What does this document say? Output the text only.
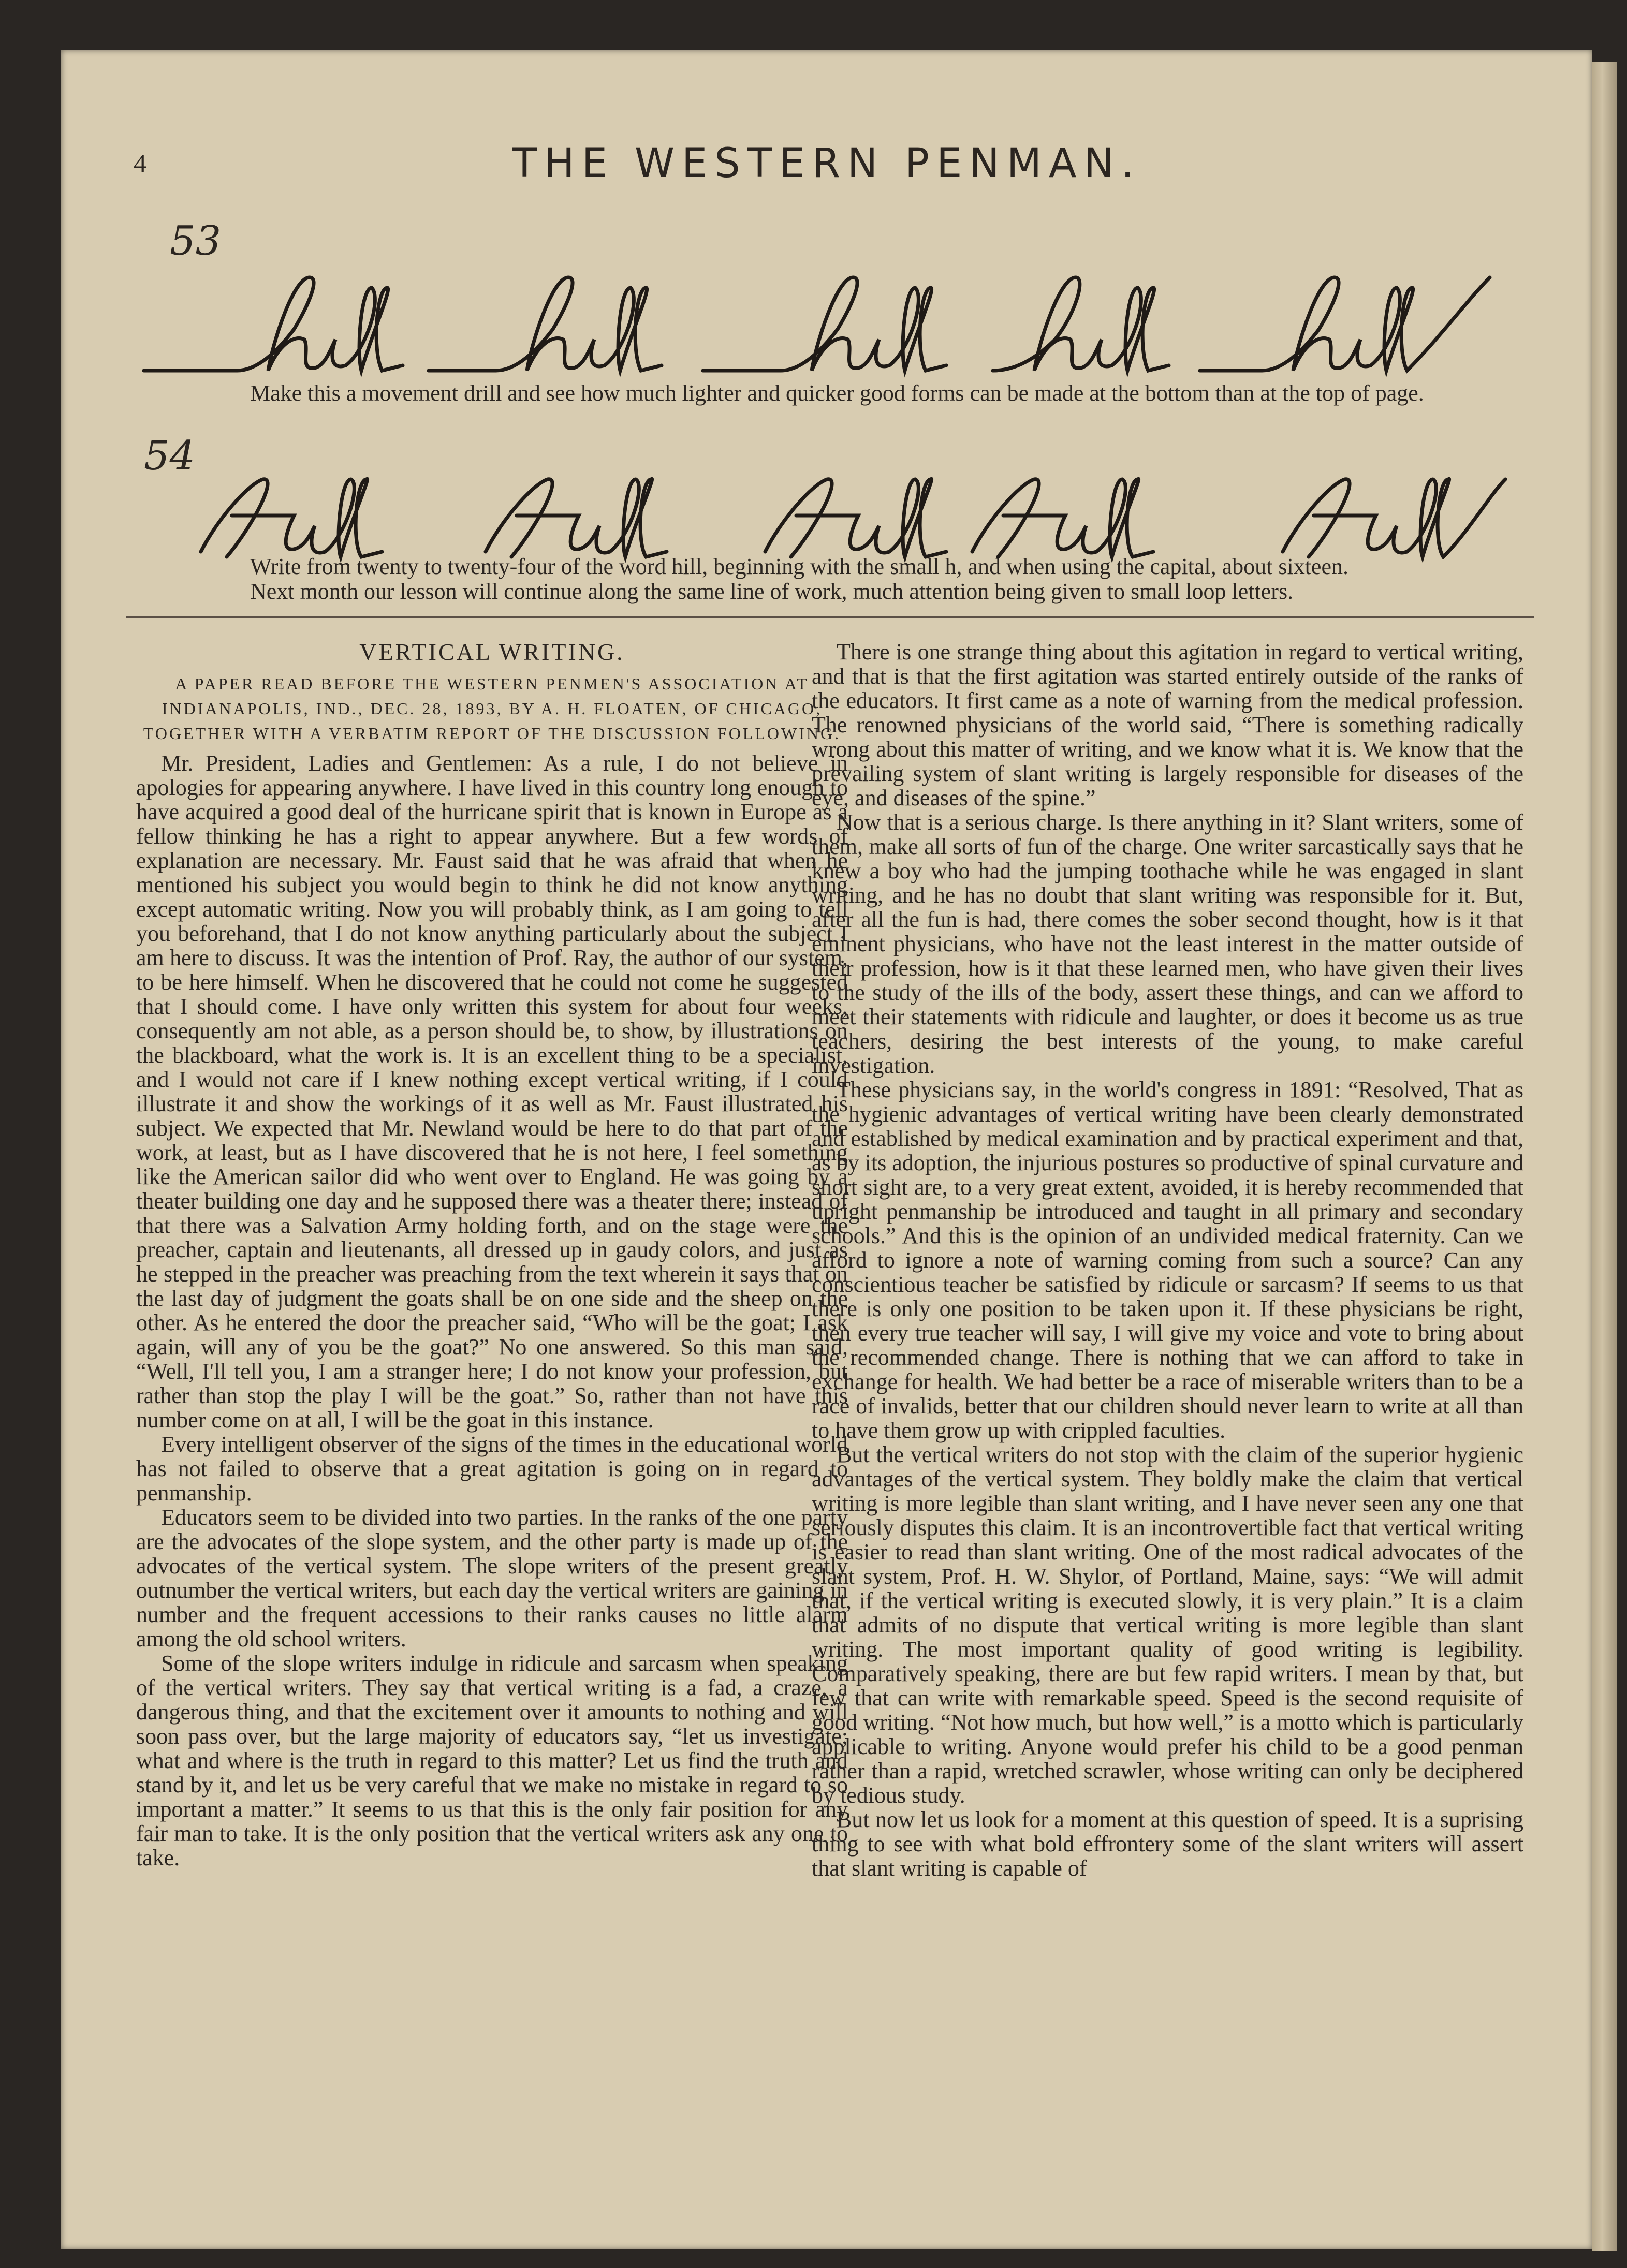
4	THE WESTERN PENMAN.
53
Make this a movement drill and see how much lighter and quicker good forms can be made at the bottom than at the top of page.
54
Write from twenty to twenty-four of the word hill, beginning with the small h, and when using the capital, about sixteen.
Next month our lesson will continue along the same line of work, much attention being given to small loop letters.
VERTICAL WRITING.
A PAPER READ BEFORE THE WESTERN PENMEN'S ASSOCIATION AT INDIANAPOLIS, IND., DEC. 28, 1893, BY A. H. FLOATEN, OF CHICAGO, TOGETHER WITH A VERBATIM REPORT OF THE DISCUSSION FOLLOWING.

Mr. President, Ladies and Gentlemen: As a rule, I do not believe in apologies for appearing anywhere. I have lived in this country long enough to have acquired a good deal of the hurricane spirit that is known in Europe as a fellow thinking he has a right to appear anywhere. But a few words of explanation are necessary. Mr. Faust said that he was afraid that when he mentioned his subject you would begin to think he did not know anything except automatic writing. Now you will probably think, as I am going to tell you beforehand, that I do not know anything particularly about the subject I am here to discuss. It was the intention of Prof. Ray, the author of our system, to be here himself. When he discovered that he could not come he suggested that I should come. I have only written this system for about four weeks, consequently am not able, as a person should be, to show, by illustrations on the blackboard, what the work is. It is an excellent thing to be a specialist, and I would not care if I knew nothing except vertical writing, if I could illustrate it and show the workings of it as well as Mr. Faust illustrated his subject. We expected that Mr. Newland would be here to do that part of the work, at least, but as I have discovered that he is not here, I feel something like the American sailor did who went over to England. He was going by a theater building one day and he supposed there was a theater there; instead of that there was a Salvation Army holding forth, and on the stage were the preacher, captain and lieutenants, all dressed up in gaudy colors, and just as he stepped in the preacher was preaching from the text wherein it says that on the last day of judgment the goats shall be on one side and the sheep on the other. As he entered the door the preacher said, “Who will be the goat; I ask again, will any of you be the goat?” No one answered. So this man said, “Well, I'll tell you, I am a stranger here; I do not know your profession, but rather than stop the play I will be the goat.” So, rather than not have this number come on at all, I will be the goat in this instance.

Every intelligent observer of the signs of the times in the educational world has not failed to observe that a great agitation is going on in regard to penmanship.

Educators seem to be divided into two parties. In the ranks of the one party are the advocates of the slope system, and the other party is made up of the advocates of the vertical system. The slope writers of the present greatly outnumber the vertical writers, but each day the vertical writers are gaining in number and the frequent accessions to their ranks causes no little alarm among the old school writers.

Some of the slope writers indulge in ridicule and sarcasm when speaking of the vertical writers. They say that vertical writing is a fad, a craze, a dangerous thing, and that the excitement over it amounts to nothing and will soon pass over, but the large majority of educators say, “let us investigate; what and where is the truth in regard to this matter? Let us find the truth and stand by it, and let us be very careful that we make no mistake in regard to so important a matter.” It seems to us that this is the only fair position for any fair man to take. It is the only position that the vertical writers ask any one to take.

There is one strange thing about this agitation in regard to vertical writing, and that is that the first agitation was started entirely outside of the ranks of the educators. It first came as a note of warning from the medical profession. The renowned physicians of the world said, “There is something radically wrong about this matter of writing, and we know what it is. We know that the prevailing system of slant writing is largely responsible for diseases of the eye, and diseases of the spine.”

Now that is a serious charge. Is there anything in it? Slant writers, some of them, make all sorts of fun of the charge. One writer sarcastically says that he knew a boy who had the jumping toothache while he was engaged in slant writing, and he has no doubt that slant writing was responsible for it. But, after all the fun is had, there comes the sober second thought, how is it that eminent physicians, who have not the least interest in the matter outside of their profession, how is it that these learned men, who have given their lives to the study of the ills of the body, assert these things, and can we afford to meet their statements with ridicule and laughter, or does it become us as true teachers, desiring the best interests of the young, to make careful investigation.

These physicians say, in the world's congress in 1891: “Resolved, That as the hygienic advantages of vertical writing have been clearly demonstrated and established by medical examination and by practical experiment and that, as by its adoption, the injurious postures so productive of spinal curvature and short sight are, to a very great extent, avoided, it is hereby recommended that upright penmanship be introduced and taught in all primary and secondary schools.” And this is the opinion of an undivided medical fraternity. Can we afford to ignore a note of warning coming from such a source? Can any conscientious teacher be satisfied by ridicule or sarcasm? If seems to us that there is only one position to be taken upon it. If these physicians be right, then every true teacher will say, I will give my voice and vote to bring about the recommended change. There is nothing that we can afford to take in exchange for health. We had better be a race of miserable writers than to be a race of invalids, better that our children should never learn to write at all than to have them grow up with crippled faculties.

But the vertical writers do not stop with the claim of the superior hygienic advantages of the vertical system. They boldly make the claim that vertical writing is more legible than slant writing, and I have never seen any one that seriously disputes this claim. It is an incontrovertible fact that vertical writing is easier to read than slant writing. One of the most radical advocates of the slant system, Prof. H. W. Shylor, of Portland, Maine, says: “We will admit that, if the vertical writing is executed slowly, it is very plain.” It is a claim that admits of no dispute that vertical writing is more legible than slant writing. The most important quality of good writing is legibility. Comparatively speaking, there are but few rapid writers. I mean by that, but few that can write with remarkable speed. Speed is the second requisite of good writing. “Not how much, but how well,” is a motto which is particularly applicable to writing. Anyone would prefer his child to be a good penman rather than a rapid, wretched scrawler, whose writing can only be deciphered by tedious study.

But now let us look for a moment at this question of speed. It is a suprising thing to see with what bold effrontery some of the slant writers will assert that slant writing is capable of
